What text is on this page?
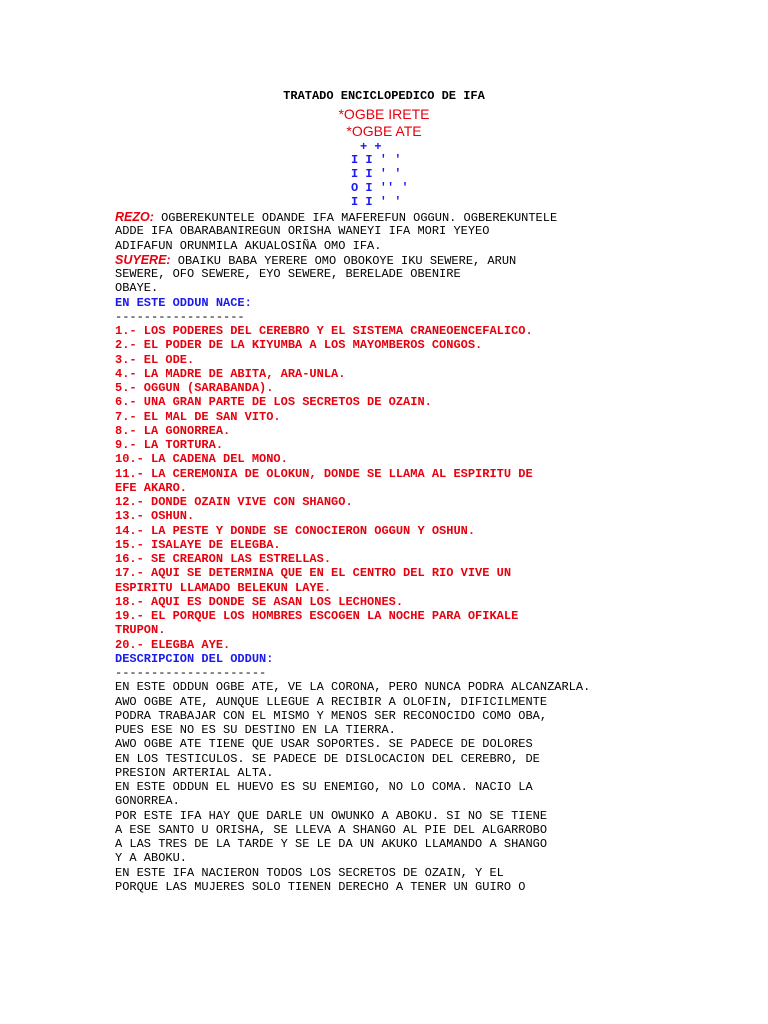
TRATADO ENCICLOPEDICO DE IFA
*OGBE IRETE
*OGBE ATE
+ +
I I ' '
I I ' '
O I '' '
I I ' '
REZO: OGBEREKUNTELE ODANDE IFA MAFEREFUN OGGUN. OGBEREKUNTELE
ADDE IFA OBARABANIREGUN ORISHA WANEYI IFA MORI YEYEO
ADIFAFUN ORUNMILA AKUALOSIÑA OMO IFA.
SUYERE: OBAIKU BABA YERERE OMO OBOKOYE IKU SEWERE, ARUN
SEWERE, OFO SEWERE, EYO SEWERE, BERELADE OBENIRE
OBAYE.
EN ESTE ODDUN NACE:
------------------
1.- LOS PODERES DEL CEREBRO Y EL SISTEMA CRANEOENCEFALICO.
2.- EL PODER DE LA KIYUMBA A LOS MAYOMBEROS CONGOS.
3.- EL ODE.
4.- LA MADRE DE ABITA, ARA-UNLA.
5.- OGGUN (SARABANDA).
6.- UNA GRAN PARTE DE LOS SECRETOS DE OZAIN.
7.- EL MAL DE SAN VITO.
8.- LA GONORREA.
9.- LA TORTURA.
10.- LA CADENA DEL MONO.
11.- LA CEREMONIA DE OLOKUN, DONDE SE LLAMA AL ESPIRITU DE
EFE AKARO.
12.- DONDE OZAIN VIVE CON SHANGO.
13.- OSHUN.
14.- LA PESTE Y DONDE SE CONOCIERON OGGUN Y OSHUN.
15.- ISALAYE DE ELEGBA.
16.- SE CREARON LAS ESTRELLAS.
17.- AQUI SE DETERMINA QUE EN EL CENTRO DEL RIO VIVE UN
ESPIRITU LLAMADO BELEKUN LAYE.
18.- AQUI ES DONDE SE ASAN LOS LECHONES.
19.- EL PORQUE LOS HOMBRES ESCOGEN LA NOCHE PARA OFIKALE
TRUPON.
20.- ELEGBA AYE.
DESCRIPCION DEL ODDUN:
---------------------
EN ESTE ODDUN OGBE ATE, VE LA CORONA, PERO NUNCA PODRA ALCANZARLA.
AWO OGBE ATE, AUNQUE LLEGUE A RECIBIR A OLOFIN, DIFICILMENTE
PODRA TRABAJAR CON EL MISMO Y MENOS SER RECONOCIDO COMO OBA,
PUES ESE NO ES SU DESTINO EN LA TIERRA.
AWO OGBE ATE TIENE QUE USAR SOPORTES. SE PADECE DE DOLORES
EN LOS TESTICULOS. SE PADECE DE DISLOCACION DEL CEREBRO, DE
PRESION ARTERIAL ALTA.
EN ESTE ODDUN EL HUEVO ES SU ENEMIGO, NO LO COMA. NACIO LA
GONORREA.
POR ESTE IFA HAY QUE DARLE UN OWUNKO A ABOKU. SI NO SE TIENE
A ESE SANTO U ORISHA, SE LLEVA A SHANGO AL PIE DEL ALGARROBO
A LAS TRES DE LA TARDE Y SE LE DA UN AKUKO LLAMANDO A SHANGO
Y A ABOKU.
EN ESTE IFA NACIERON TODOS LOS SECRETOS DE OZAIN, Y EL
PORQUE LAS MUJERES SOLO TIENEN DERECHO A TENER UN GUIRO O
